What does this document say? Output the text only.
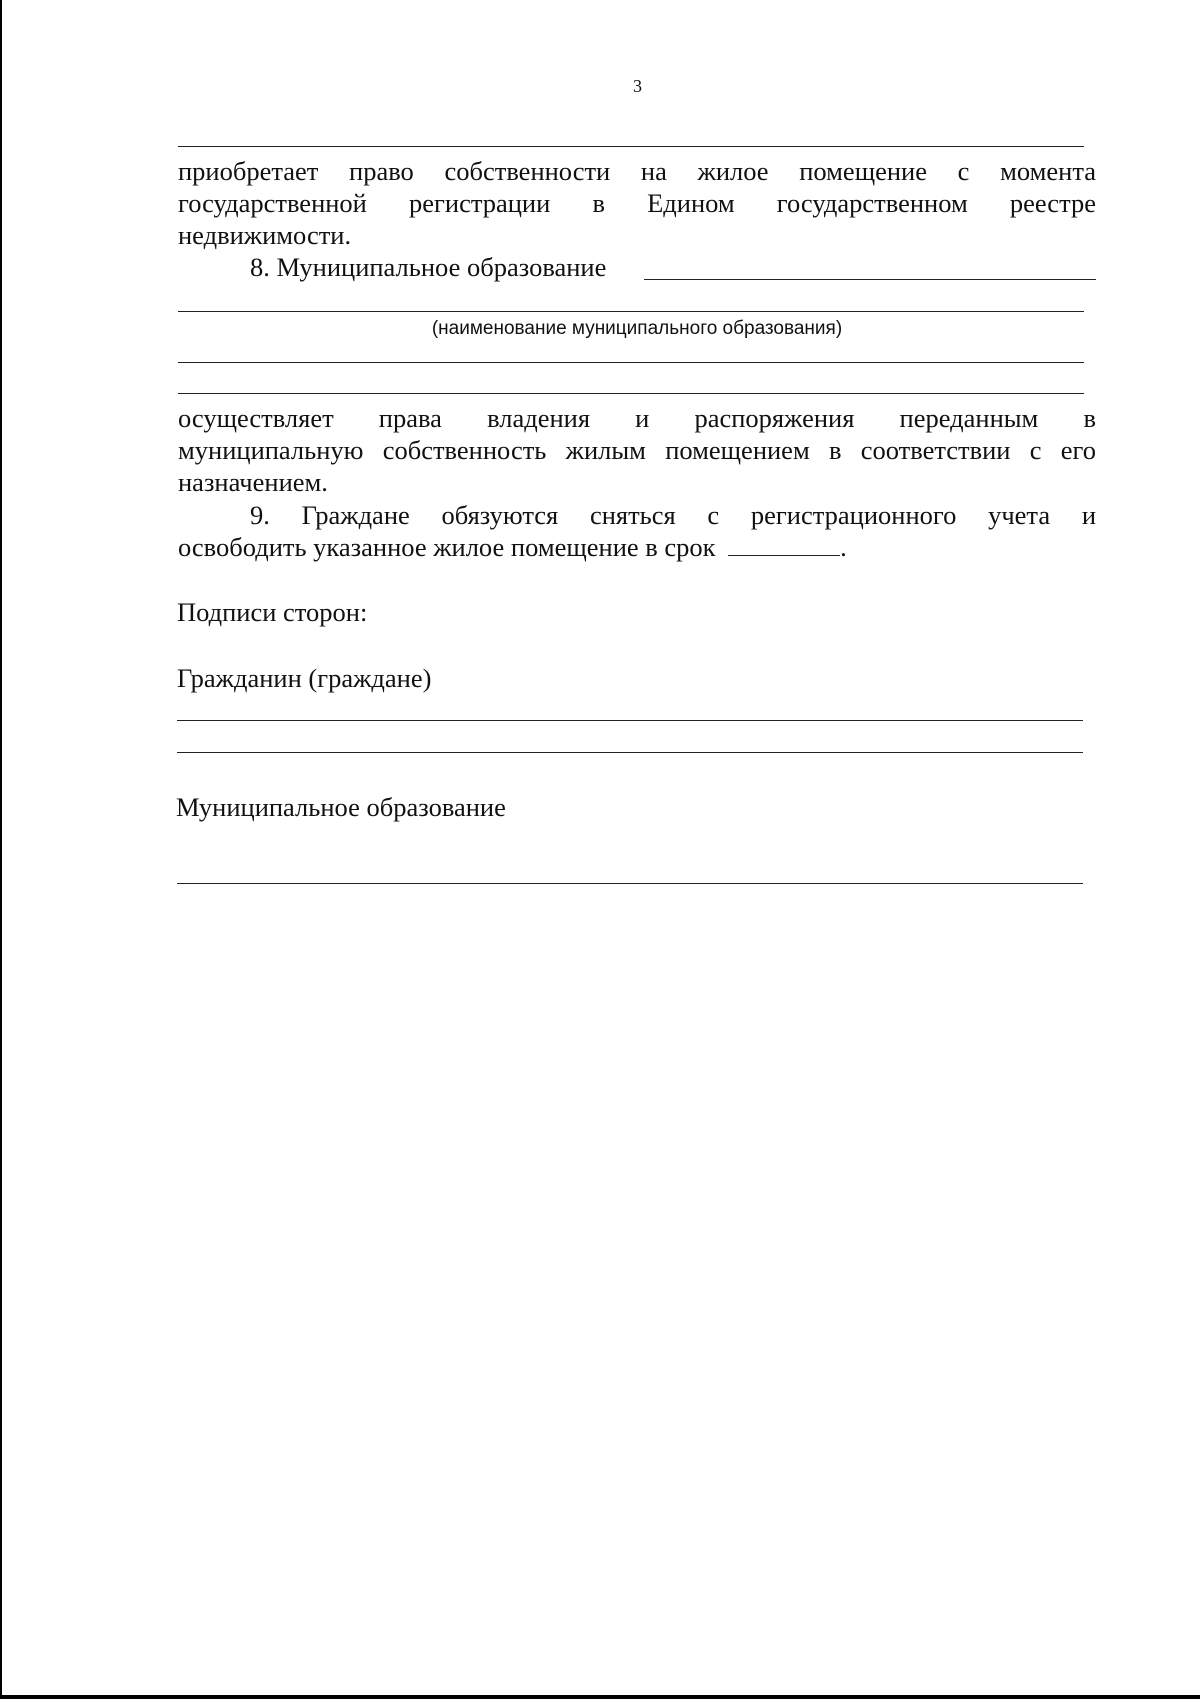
3
приобретает право собственности на жилое помещение с момента
государственной регистрации в Едином государственном реестре
недвижимости.
8. Муниципальное образование
(наименование муниципального образования)
осуществляет права владения и распоряжения переданным в
муниципальную собственность жилым помещением в соответствии с его
назначением.
9. Граждане обязуются сняться с регистрационного учета и
освободить указанное жилое помещение в срок	.
Подписи сторон:
Гражданин (граждане)
Муниципальное образование
